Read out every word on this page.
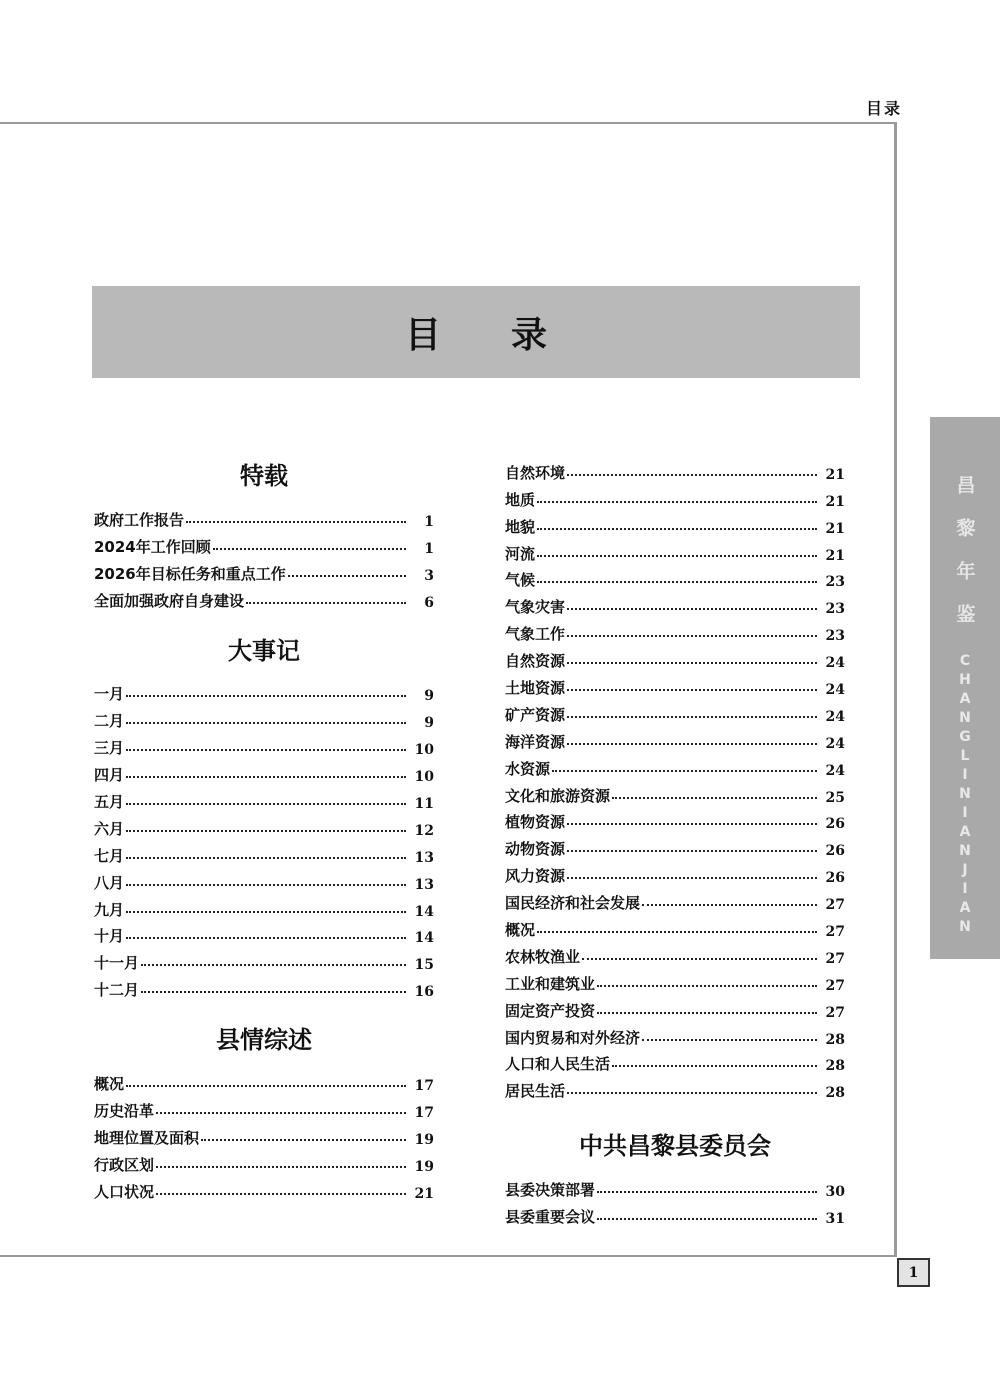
目录
目录
昌黎年鉴
CHANGLINIANJIAN
1
特载
政府工作报告	1
2024年工作回顾	1
2026年目标任务和重点工作	3
全面加强政府自身建设	6
大事记
一月	9
二月	9
三月	10
四月	10
五月	11
六月	12
七月	13
八月	13
九月	14
十月	14
十一月	15
十二月	16
县情综述
概况	17
历史沿革	17
地理位置及面积	19
行政区划	19
人口状况	21
自然环境	21
地质	21
地貌	21
河流	21
气候	23
气象灾害	23
气象工作	23
自然资源	24
土地资源	24
矿产资源	24
海洋资源	24
水资源	24
文化和旅游资源	25
植物资源	26
动物资源	26
风力资源	26
国民经济和社会发展	27
概况	27
农林牧渔业	27
工业和建筑业	27
固定资产投资	27
国内贸易和对外经济	28
人口和人民生活	28
居民生活	28
中共昌黎县委员会
县委决策部署	30
县委重要会议	31
